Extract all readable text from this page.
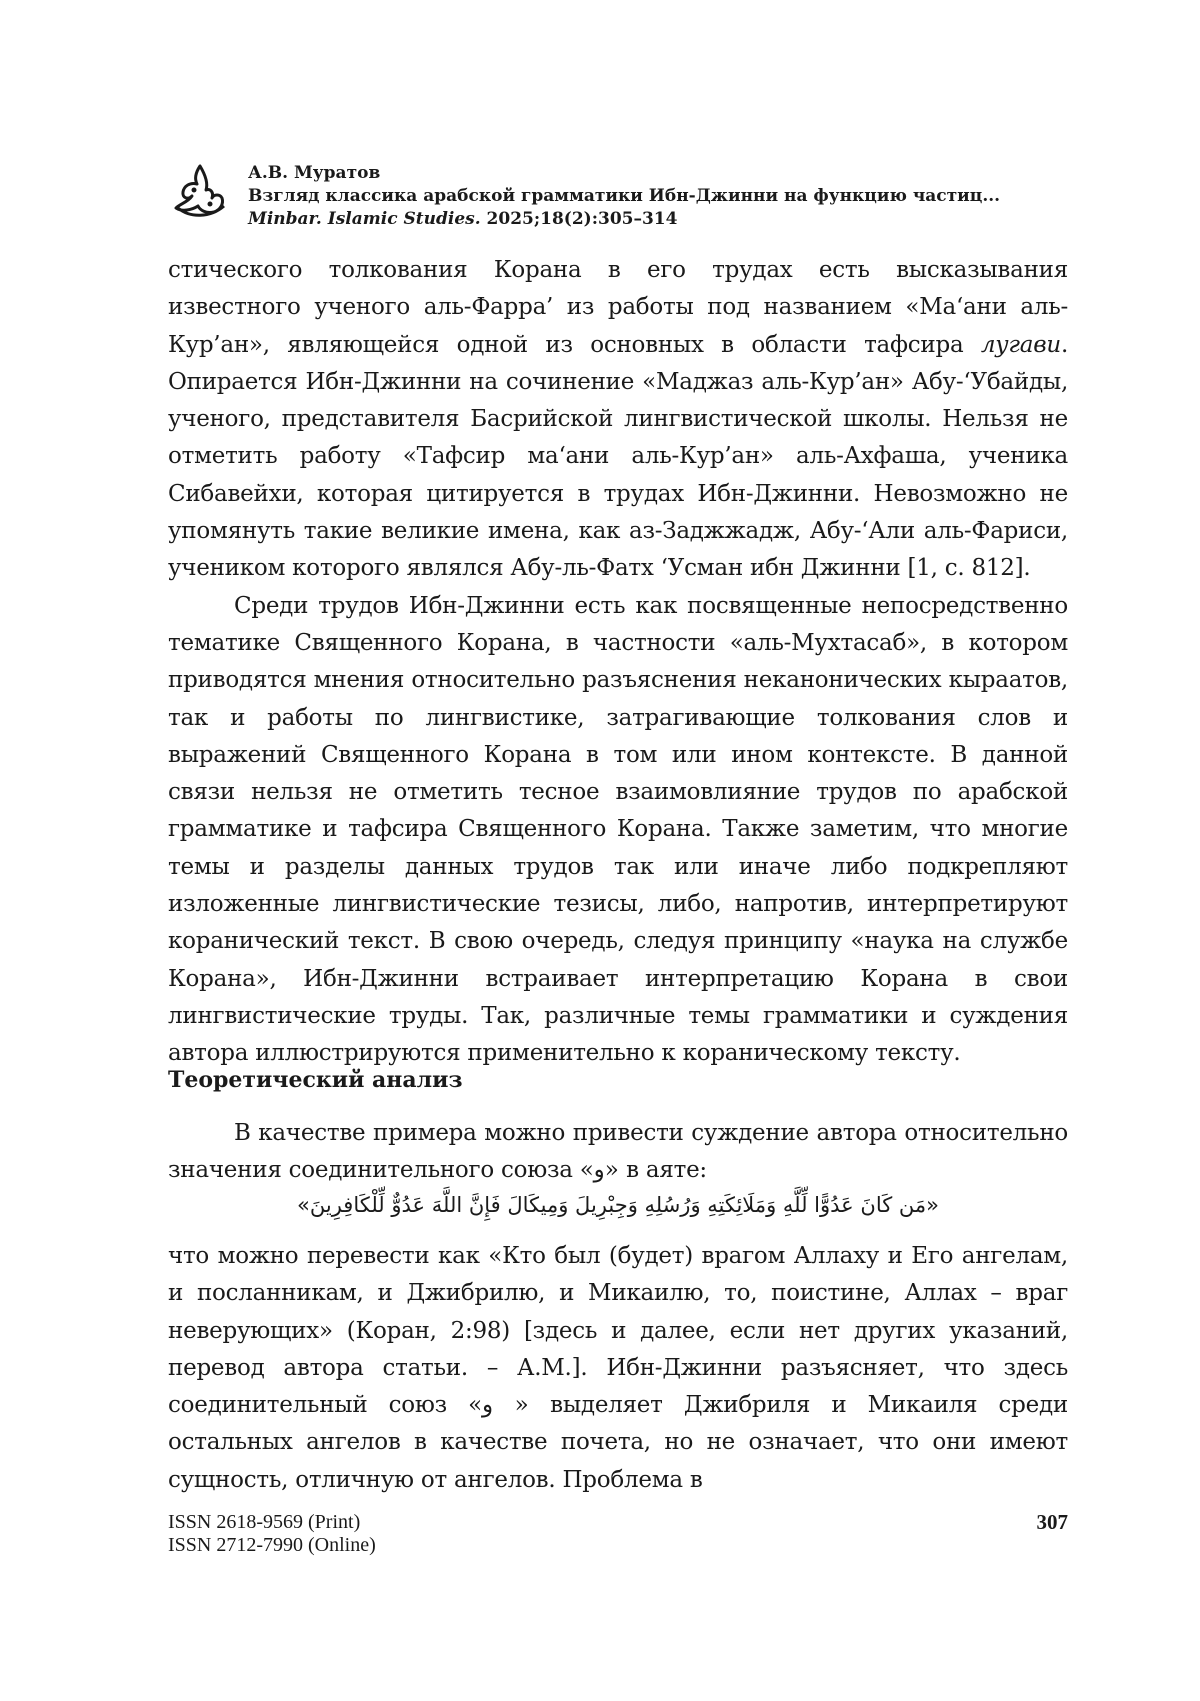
А.В. Муратов
Взгляд классика арабской грамматики Ибн-Джинни на функцию частиц...
Minbar. Islamic Studies. 2025;18(2):305–314

стического толкования Корана в его трудах есть высказывания известного ученого аль-Фарра’ из работы под названием «Ма‘ани аль-Кур’ан», являющейся одной из основных в области тафсира лугави. Опирается Ибн-Джинни на сочинение «Маджаз аль-Кур’ан» Абу-‘Убайды, ученого, представителя Басрийской лингвистической школы. Нельзя не отметить работу «Тафсир ма‘ани аль-Кур’ан» аль-Ахфаша, ученика Сибавейхи, которая цитируется в трудах Ибн-Джинни. Невозможно не упомянуть такие великие имена, как аз-Заджжадж, Абу-‘Али аль-Фариси, учеником которого являлся Абу-ль-Фатх ‘Усман ибн Джинни [1, с. 812].

Среди трудов Ибн-Джинни есть как посвященные непосредственно тематике Священного Корана, в частности «аль-Мухтасаб», в котором приводятся мнения относительно разъяснения неканонических кыраатов, так и работы по лингвистике, затрагивающие толкования слов и выражений Священного Корана в том или ином контексте. В данной связи нельзя не отметить тесное взаимовлияние трудов по арабской грамматике и тафсира Священного Корана. Также заметим, что многие темы и разделы данных трудов так или иначе либо подкрепляют изложенные лингвистические тезисы, либо, напротив, интерпретируют коранический текст. В свою очередь, следуя принципу «наука на службе Корана», Ибн-Джинни встраивает интерпретацию Корана в свои лингвистические труды. Так, различные темы грамматики и суждения автора иллюстрируются применительно к кораническому тексту.

Теоретический анализ

В качестве примера можно привести суждение автора относительно значения соединительного союза «و» в аяте:

«مَن كَانَ عَدُوًّا لِّلَّهِ وَمَلَائِكَتِهِ وَرُسُلِهِ وَجِبْرِيلَ وَمِيكَالَ فَإِنَّ اللَّهَ عَدُوٌّ لِّلْكَافِرِينَ»

что можно перевести как «Кто был (будет) врагом Аллаху и Его ангелам, и посланникам, и Джибрилю, и Микаилю, то, поистине, Аллах – враг неверующих» (Коран, 2:98) [здесь и далее, если нет других указаний, перевод автора статьи. – А.М.]. Ибн-Джинни разъясняет, что здесь соединительный союз «و » выделяет Джибриля и Микаиля среди остальных ангелов в качестве почета, но не означает, что они имеют сущность, отличную от ангелов. Проблема в

ISSN 2618-9569 (Print)
ISSN 2712-7990 (Online)
307
